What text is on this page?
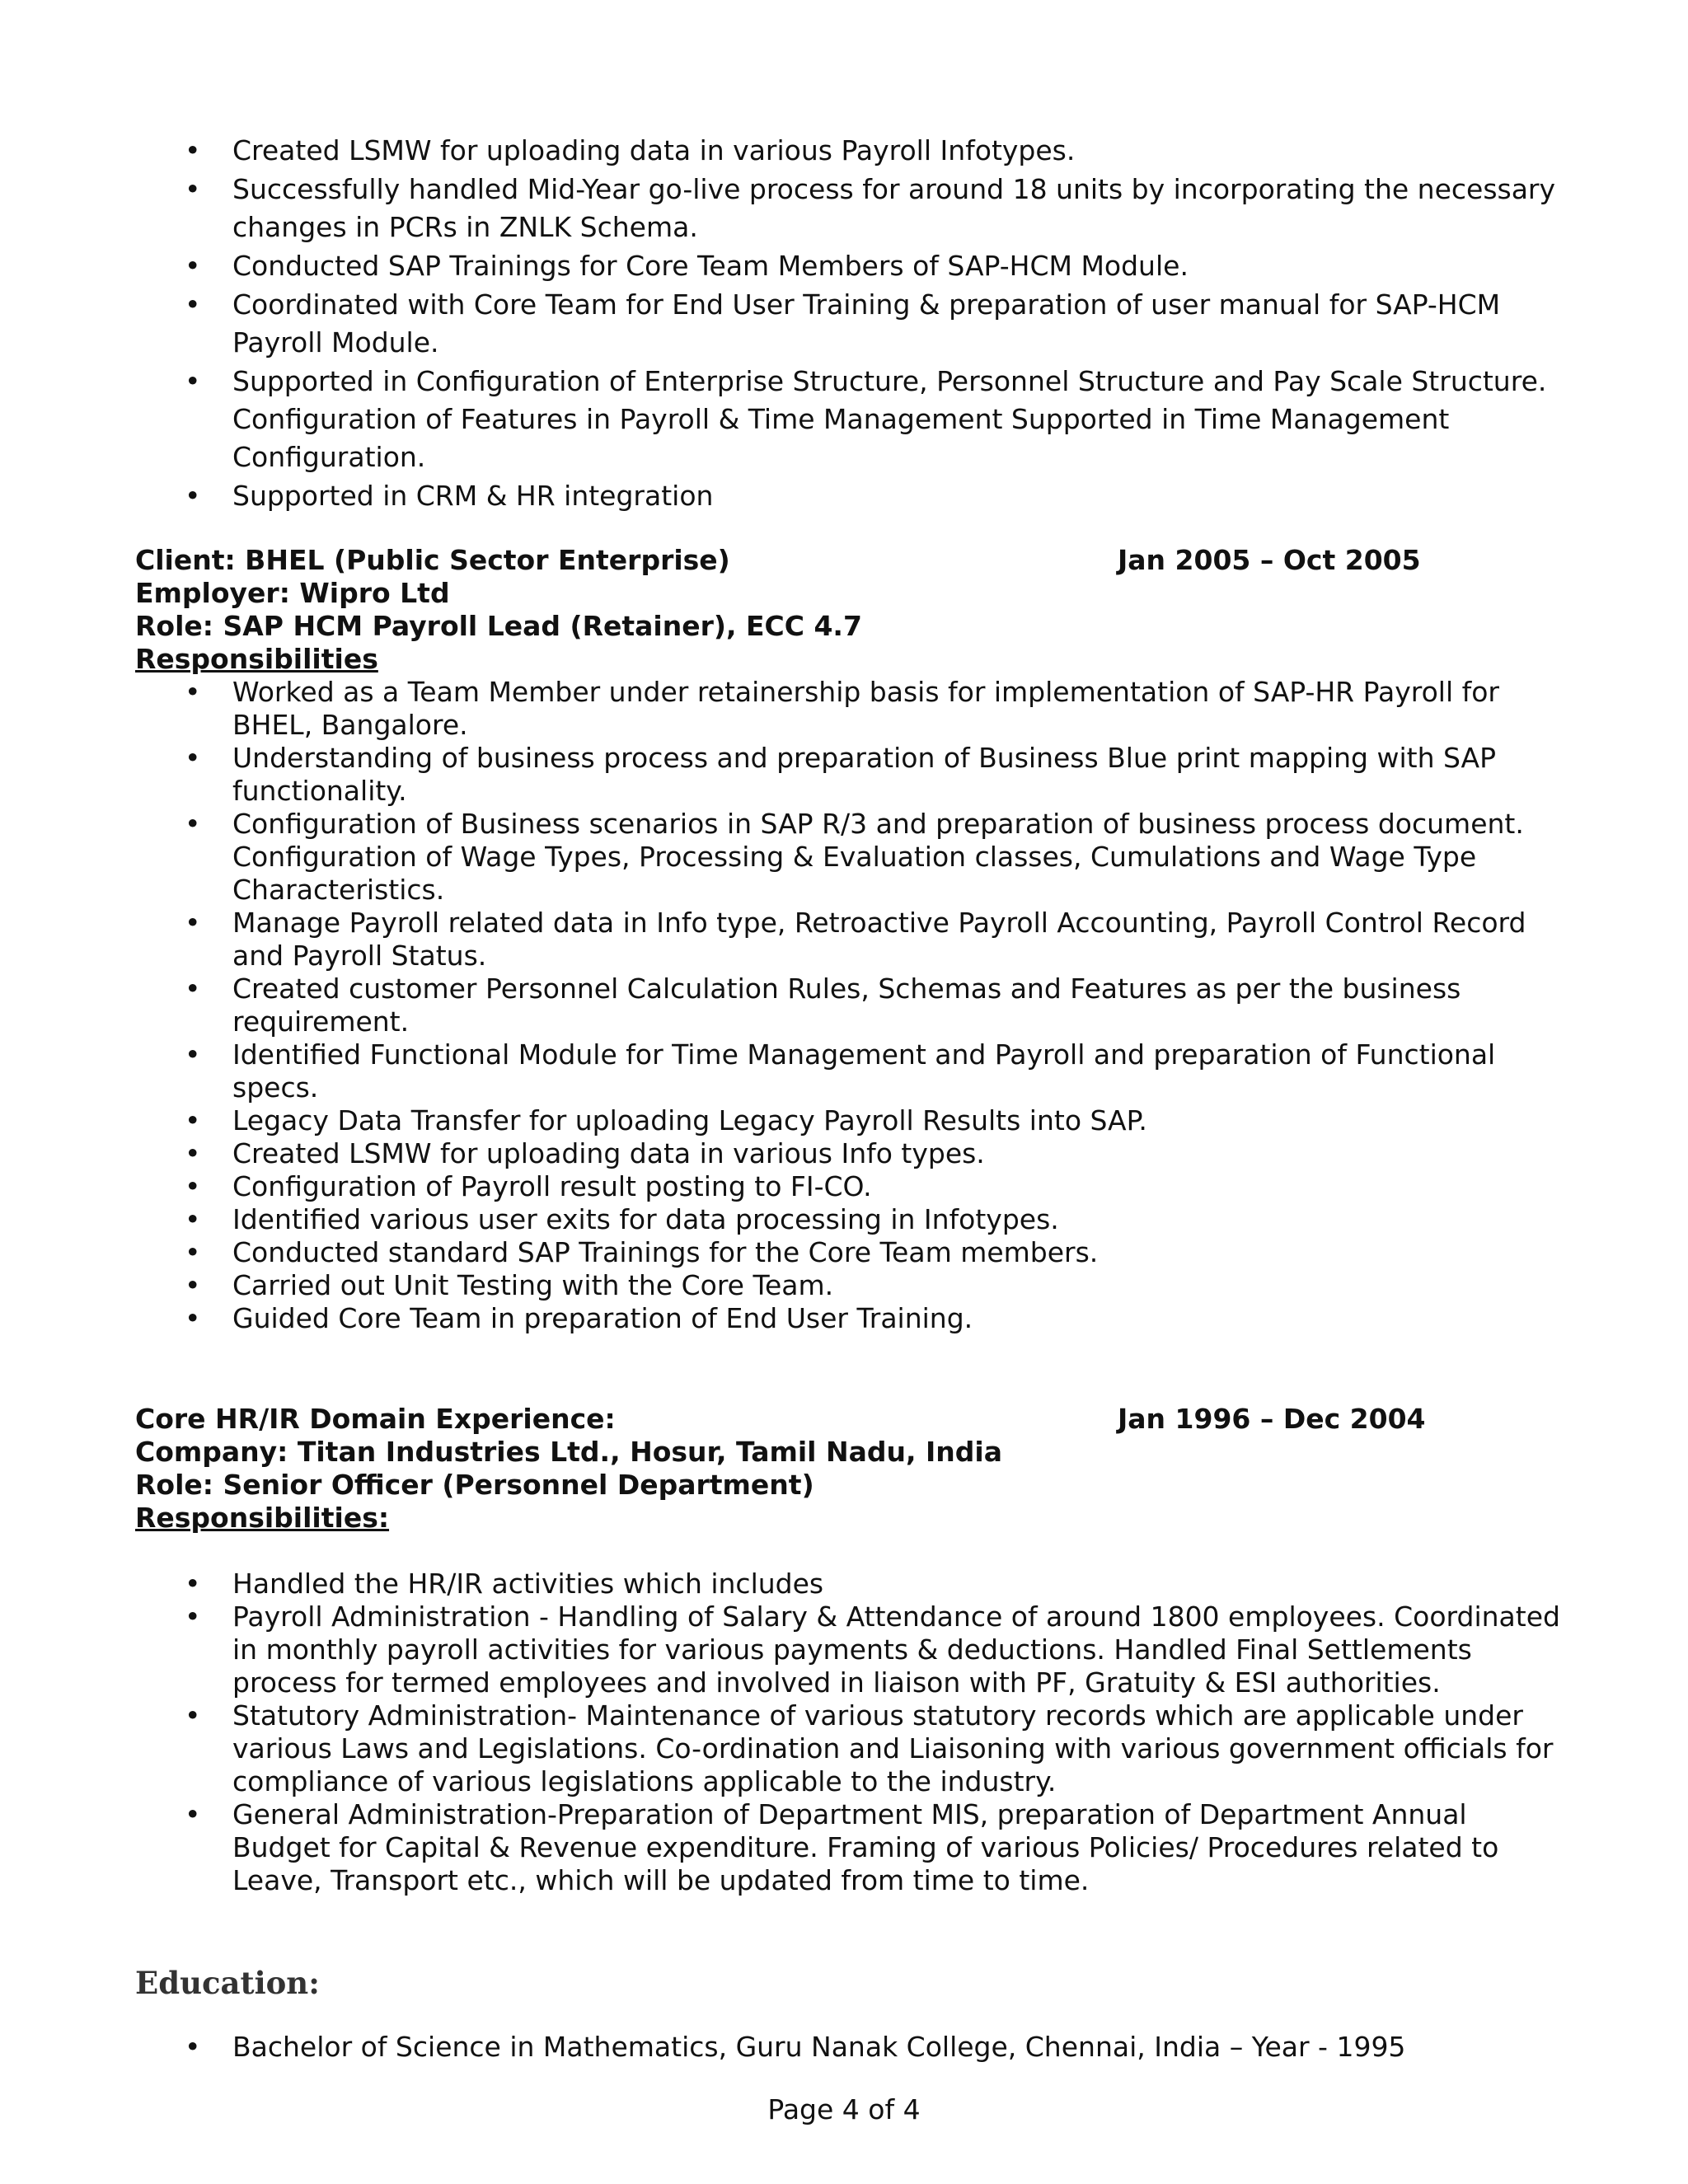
• Created LSMW for uploading data in various Payroll Infotypes.
• Successfully handled Mid-Year go-live process for around 18 units by incorporating the necessary changes in PCRs in ZNLK Schema.
• Conducted SAP Trainings for Core Team Members of SAP-HCM Module.
• Coordinated with Core Team for End User Training & preparation of user manual for SAP-HCM Payroll Module.
• Supported in Configuration of Enterprise Structure, Personnel Structure and Pay Scale Structure. Configuration of Features in Payroll & Time Management Supported in Time Management Configuration.
• Supported in CRM & HR integration
Client: BHEL (Public Sector Enterprise)	Jan 2005 – Oct 2005
Employer: Wipro Ltd
Role: SAP HCM Payroll Lead (Retainer), ECC 4.7
Responsibilities
• Worked as a Team Member under retainership basis for implementation of SAP-HR Payroll for BHEL, Bangalore.
• Understanding of business process and preparation of Business Blue print mapping with SAP functionality.
• Configuration of Business scenarios in SAP R/3 and preparation of business process document. Configuration of Wage Types, Processing & Evaluation classes, Cumulations and Wage Type Characteristics.
• Manage Payroll related data in Info type, Retroactive Payroll Accounting, Payroll Control Record and Payroll Status.
• Created customer Personnel Calculation Rules, Schemas and Features as per the business requirement.
• Identified Functional Module for Time Management and Payroll and preparation of Functional specs.
• Legacy Data Transfer for uploading Legacy Payroll Results into SAP.
• Created LSMW for uploading data in various Info types.
• Configuration of Payroll result posting to FI-CO.
• Identified various user exits for data processing in Infotypes.
• Conducted standard SAP Trainings for the Core Team members.
• Carried out Unit Testing with the Core Team.
• Guided Core Team in preparation of End User Training.
Core HR/IR Domain Experience:	Jan 1996 – Dec 2004
Company: Titan Industries Ltd., Hosur, Tamil Nadu, India
Role: Senior Officer (Personnel Department)
Responsibilities:
• Handled the HR/IR activities which includes
• Payroll Administration - Handling of Salary & Attendance of around 1800 employees. Coordinated in monthly payroll activities for various payments & deductions. Handled Final Settlements process for termed employees and involved in liaison with PF, Gratuity & ESI authorities.
• Statutory Administration- Maintenance of various statutory records which are applicable under various Laws and Legislations. Co-ordination and Liaisoning with various government officials for compliance of various legislations applicable to the industry.
• General Administration-Preparation of Department MIS, preparation of Department Annual Budget for Capital & Revenue expenditure. Framing of various Policies/ Procedures related to Leave, Transport etc., which will be updated from time to time.
Education:
• Bachelor of Science in Mathematics, Guru Nanak College, Chennai, India – Year - 1995
Page 4 of 4
